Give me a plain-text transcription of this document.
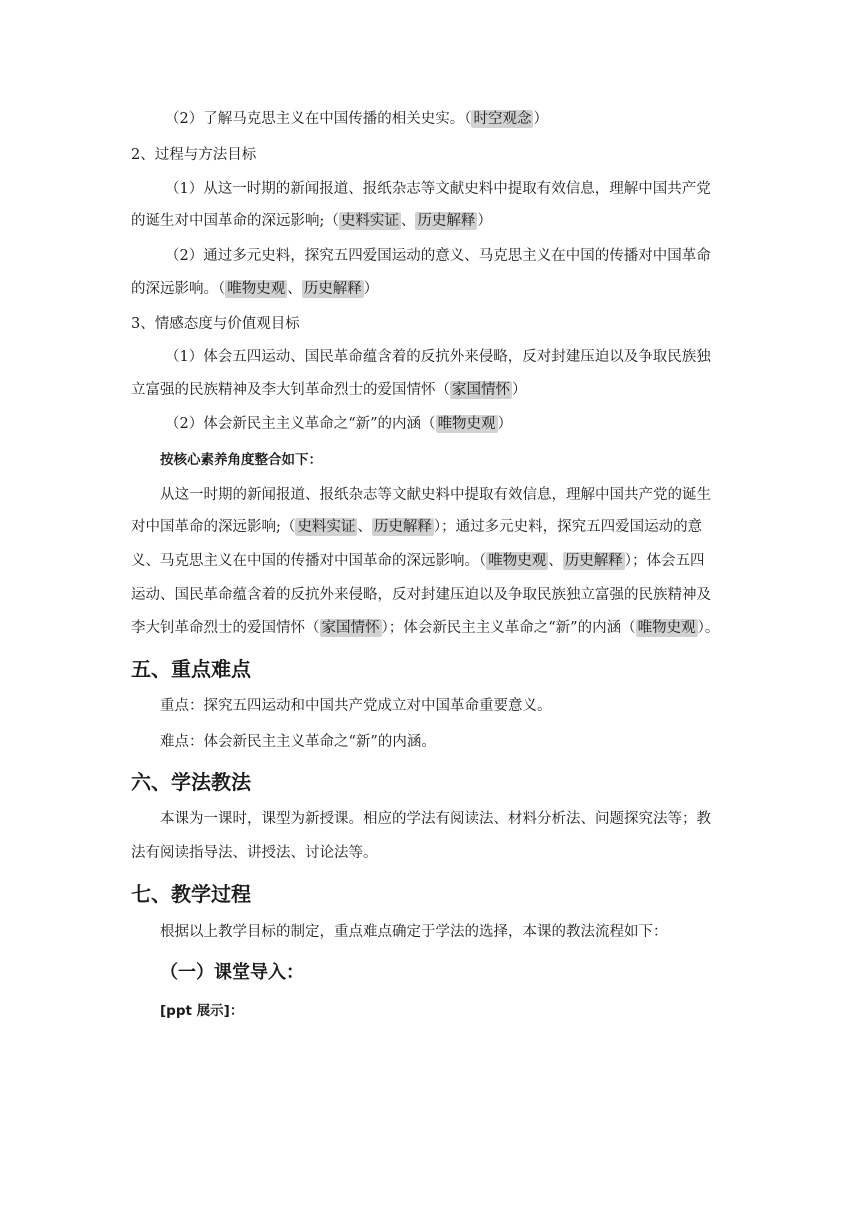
（2）了解马克思主义在中国传播的相关史实。（ 时空观念 ）
2、过程与方法目标
（1）从这一时期的新闻报道、报纸杂志等文献史料中提取有效信息，理解中国共产党
的诞生对中国革命的深远影响;（ 史料实证 、 历史解释 ）
（2）通过多元史料，探究五四爱国运动的意义、马克思主义在中国的传播对中国革命
的深远影响。（ 唯物史观 、 历史解释 ）
3、情感态度与价值观目标
（1）体会五四运动、国民革命蕴含着的反抗外来侵略，反对封建压迫以及争取民族独
立富强的民族精神及李大钊革命烈士的爱国情怀（ 家国情怀 ）
（2）体会新民主主义革命之“新”的内涵（ 唯物史观 ）
按核心素养角度整合如下：
从这一时期的新闻报道、报纸杂志等文献史料中提取有效信息，理解中国共产党的诞生
对中国革命的深远影响;（ 史料实证 、 历史解释 ）；通过多元史料，探究五四爱国运动的意
义、马克思主义在中国的传播对中国革命的深远影响。（ 唯物史观 、 历史解释 ）；体会五四
运动、国民革命蕴含着的反抗外来侵略，反对封建压迫以及争取民族独立富强的民族精神及
李大钊革命烈士的爱国情怀（ 家国情怀 ）；体会新民主主义革命之“新”的内涵（ 唯物史观 ）。
五、重点难点
重点：探究五四运动和中国共产党成立对中国革命重要意义。
难点：体会新民主主义革命之“新”的内涵。
六、学法教法
本课为一课时，课型为新授课。相应的学法有阅读法、材料分析法、问题探究法等；教
法有阅读指导法、讲授法、讨论法等。
七、教学过程
根据以上教学目标的制定，重点难点确定于学法的选择，本课的教法流程如下：
（一）课堂导入：
[ppt 展示]：
